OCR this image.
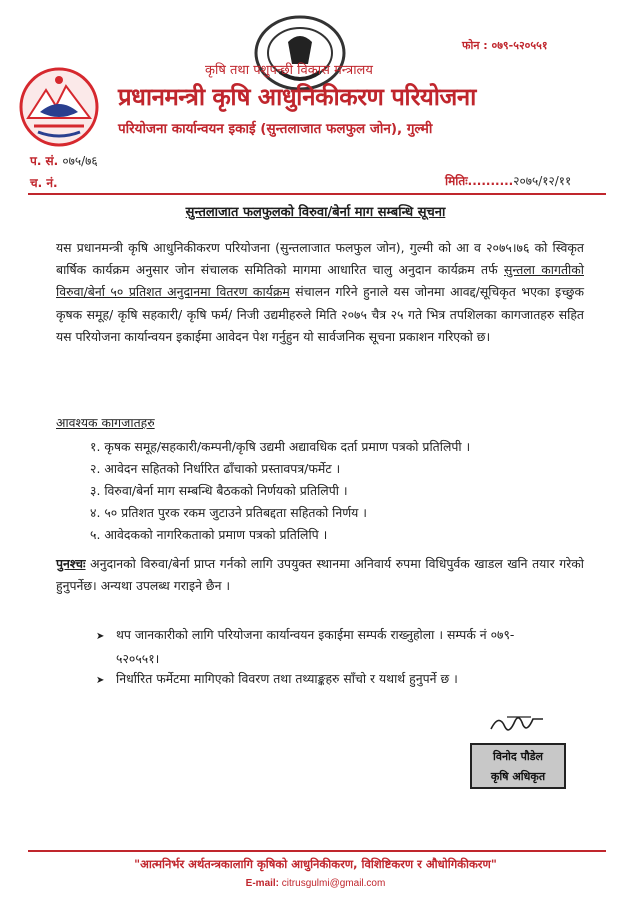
फोन : ०७९-५२०५५१
कृषि तथा पशुपन्छी विकास मन्त्रालय
प्रधानमन्त्री कृषि आधुनिकीकरण परियोजना
परियोजना कार्यान्वयन इकाई (सुन्तलाजात फलफुल जोन), गुल्मी
प. सं. ०७५/७६
च. नं.	मितिः..........२०७५/१२/११
सुन्तलाजात फलफुलको विरुवा/बेर्ना माग सम्बन्धि सूचना
यस प्रधानमन्त्री कृषि आधुनिकीकरण परियोजना (सुन्तलाजात फलफुल जोन), गुल्मी को आ व २०७५।७६ को स्विकृत बार्षिक कार्यक्रम अनुसार जोन संचालक समितिको मागमा आधारित चालु अनुदान कार्यक्रम तर्फ सुन्तला कागतीको विरुवा/बेर्ना ५० प्रतिशत अनुदानमा वितरण कार्यक्रम संचालन गरिने हुनाले यस जोनमा आवद्द/सूचिकृत भएका इच्छुक कृषक समूह/ कृषि सहकारी/ कृषि फर्म/ निजी उद्यमीहरुले मिति २०७५ चैत्र २५ गते भित्र तपशिलका कागजातहरु सहित यस परियोजना कार्यान्वयन इकाईमा आवेदन पेश गर्नुहुन यो सार्वजनिक सूचना प्रकाशन गरिएको छ।
आवश्यक कागजातहरु
१. कृषक समूह/सहकारी/कम्पनी/कृषि उद्यमी अद्यावधिक दर्ता प्रमाण पत्रको प्रतिलिपी ।
२. आवेदन सहितको निर्धारित ढाँचाको प्रस्तावपत्र/फर्मेट ।
३. विरुवा/बेर्ना माग सम्बन्धि बैठकको निर्णयको प्रतिलिपी ।
४. ५० प्रतिशत पुरक रकम जुटाउने प्रतिबद्दता सहितको निर्णय ।
५. आवेदकको नागरिकताको प्रमाण पत्रको प्रतिलिपि ।
पुनश्चः अनुदानको विरुवा/बेर्ना प्राप्त गर्नको लागि उपयुक्त स्थानमा अनिवार्य रुपमा विधिपुर्वक खाडल खनि तयार गरेको हुनुपर्नेछ। अन्यथा उपलब्ध गराइने छैन ।
➤ थप जानकारीको लागि परियोजना कार्यान्वयन इकाईमा सम्पर्क राख्नुहोला । सम्पर्क नं ०७९-
५२०५५१।
➤ निर्धारित फर्मेटमा मागिएको विवरण तथा तथ्याङ्कहरु साँचो र यथार्थ हुनुपर्ने छ ।
विनोद पौडेल
कृषि अधिकृत
"आत्मनिर्भर अर्थतन्त्रकालागि कृषिको आधुनिकीकरण, विशिष्टिकरण र औधोगिकीकरण"
E-mail: citrusgulmi@gmail.com
